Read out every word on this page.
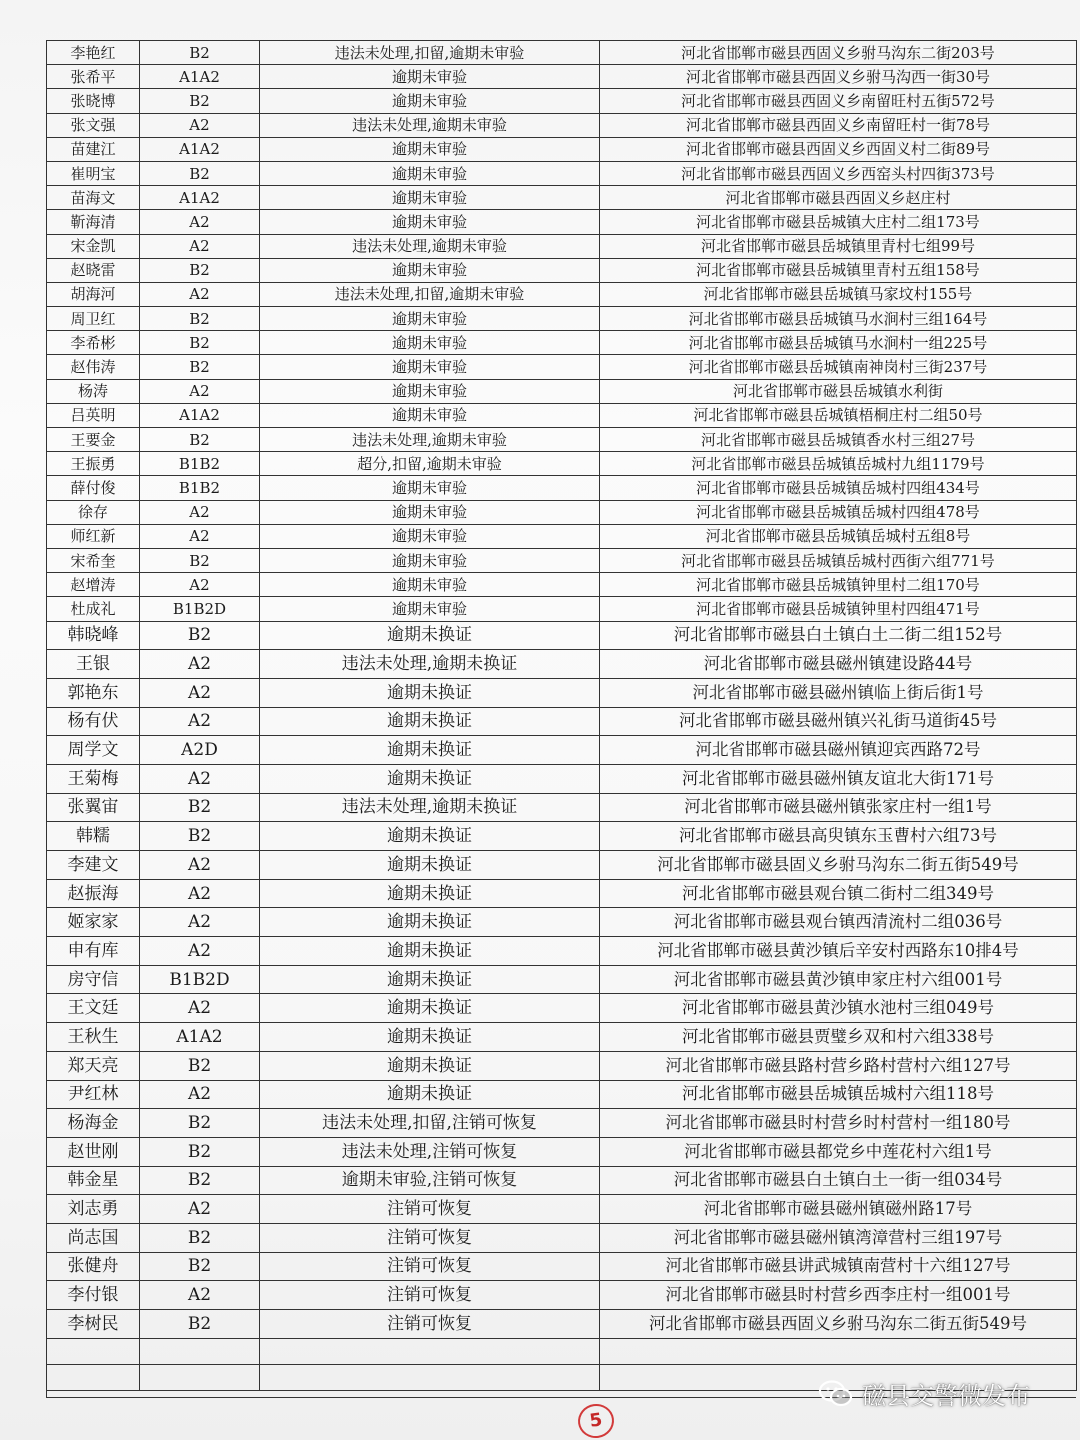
李艳红	B2	违法未处理,扣留,逾期未审验	河北省邯郸市磁县西固义乡驸马沟东二街203号
张希平	A1A2	逾期未审验	河北省邯郸市磁县西固义乡驸马沟西一街30号
张晓博	B2	逾期未审验	河北省邯郸市磁县西固义乡南留旺村五街572号
张文强	A2	违法未处理,逾期未审验	河北省邯郸市磁县西固义乡南留旺村一街78号
苗建江	A1A2	逾期未审验	河北省邯郸市磁县西固义乡西固义村二街89号
崔明宝	B2	逾期未审验	河北省邯郸市磁县西固义乡西窑头村四街373号
苗海文	A1A2	逾期未审验	河北省邯郸市磁县西固义乡赵庄村
靳海清	A2	逾期未审验	河北省邯郸市磁县岳城镇大庄村二组173号
宋金凯	A2	违法未处理,逾期未审验	河北省邯郸市磁县岳城镇里青村七组99号
赵晓雷	B2	逾期未审验	河北省邯郸市磁县岳城镇里青村五组158号
胡海河	A2	违法未处理,扣留,逾期未审验	河北省邯郸市磁县岳城镇马家坟村155号
周卫红	B2	逾期未审验	河北省邯郸市磁县岳城镇马水涧村三组164号
李希彬	B2	逾期未审验	河北省邯郸市磁县岳城镇马水涧村一组225号
赵伟涛	B2	逾期未审验	河北省邯郸市磁县岳城镇南神岗村三街237号
杨涛	A2	逾期未审验	河北省邯郸市磁县岳城镇水利街
吕英明	A1A2	逾期未审验	河北省邯郸市磁县岳城镇梧桐庄村二组50号
王要金	B2	违法未处理,逾期未审验	河北省邯郸市磁县岳城镇香水村三组27号
王振勇	B1B2	超分,扣留,逾期未审验	河北省邯郸市磁县岳城镇岳城村九组1179号
薛付俊	B1B2	逾期未审验	河北省邯郸市磁县岳城镇岳城村四组434号
徐存	A2	逾期未审验	河北省邯郸市磁县岳城镇岳城村四组478号
师红新	A2	逾期未审验	河北省邯郸市磁县岳城镇岳城村五组8号
宋希奎	B2	逾期未审验	河北省邯郸市磁县岳城镇岳城村西街六组771号
赵增涛	A2	逾期未审验	河北省邯郸市磁县岳城镇钟里村二组170号
杜成礼	B1B2D	逾期未审验	河北省邯郸市磁县岳城镇钟里村四组471号
韩晓峰	B2	逾期未换证	河北省邯郸市磁县白土镇白土二街二组152号
王银	A2	违法未处理,逾期未换证	河北省邯郸市磁县磁州镇建设路44号
郭艳东	A2	逾期未换证	河北省邯郸市磁县磁州镇临上街后街1号
杨有伏	A2	逾期未换证	河北省邯郸市磁县磁州镇兴礼街马道街45号
周学文	A2D	逾期未换证	河北省邯郸市磁县磁州镇迎宾西路72号
王菊梅	A2	逾期未换证	河北省邯郸市磁县磁州镇友谊北大街171号
张翼宙	B2	违法未处理,逾期未换证	河北省邯郸市磁县磁州镇张家庄村一组1号
韩糯	B2	逾期未换证	河北省邯郸市磁县高臾镇东玉曹村六组73号
李建文	A2	逾期未换证	河北省邯郸市磁县固义乡驸马沟东二街五街549号
赵振海	A2	逾期未换证	河北省邯郸市磁县观台镇二街村二组349号
姬家家	A2	逾期未换证	河北省邯郸市磁县观台镇西清流村二组036号
申有库	A2	逾期未换证	河北省邯郸市磁县黄沙镇后辛安村西路东10排4号
房守信	B1B2D	逾期未换证	河北省邯郸市磁县黄沙镇申家庄村六组001号
王文廷	A2	逾期未换证	河北省邯郸市磁县黄沙镇水池村三组049号
王秋生	A1A2	逾期未换证	河北省邯郸市磁县贾璧乡双和村六组338号
郑天亮	B2	逾期未换证	河北省邯郸市磁县路村营乡路村营村六组127号
尹红林	A2	逾期未换证	河北省邯郸市磁县岳城镇岳城村六组118号
杨海金	B2	违法未处理,扣留,注销可恢复	河北省邯郸市磁县时村营乡时村营村一组180号
赵世刚	B2	违法未处理,注销可恢复	河北省邯郸市磁县都党乡中莲花村六组1号
韩金星	B2	逾期未审验,注销可恢复	河北省邯郸市磁县白土镇白土一街一组034号
刘志勇	A2	注销可恢复	河北省邯郸市磁县磁州镇磁州路17号
尚志国	B2	注销可恢复	河北省邯郸市磁县磁州镇湾漳营村三组197号
张健舟	B2	注销可恢复	河北省邯郸市磁县讲武城镇南营村十六组127号
李付银	A2	注销可恢复	河北省邯郸市磁县时村营乡西李庄村一组001号
李树民	B2	注销可恢复	河北省邯郸市磁县西固义乡驸马沟东二街五街549号

5
磁县交警微发布
